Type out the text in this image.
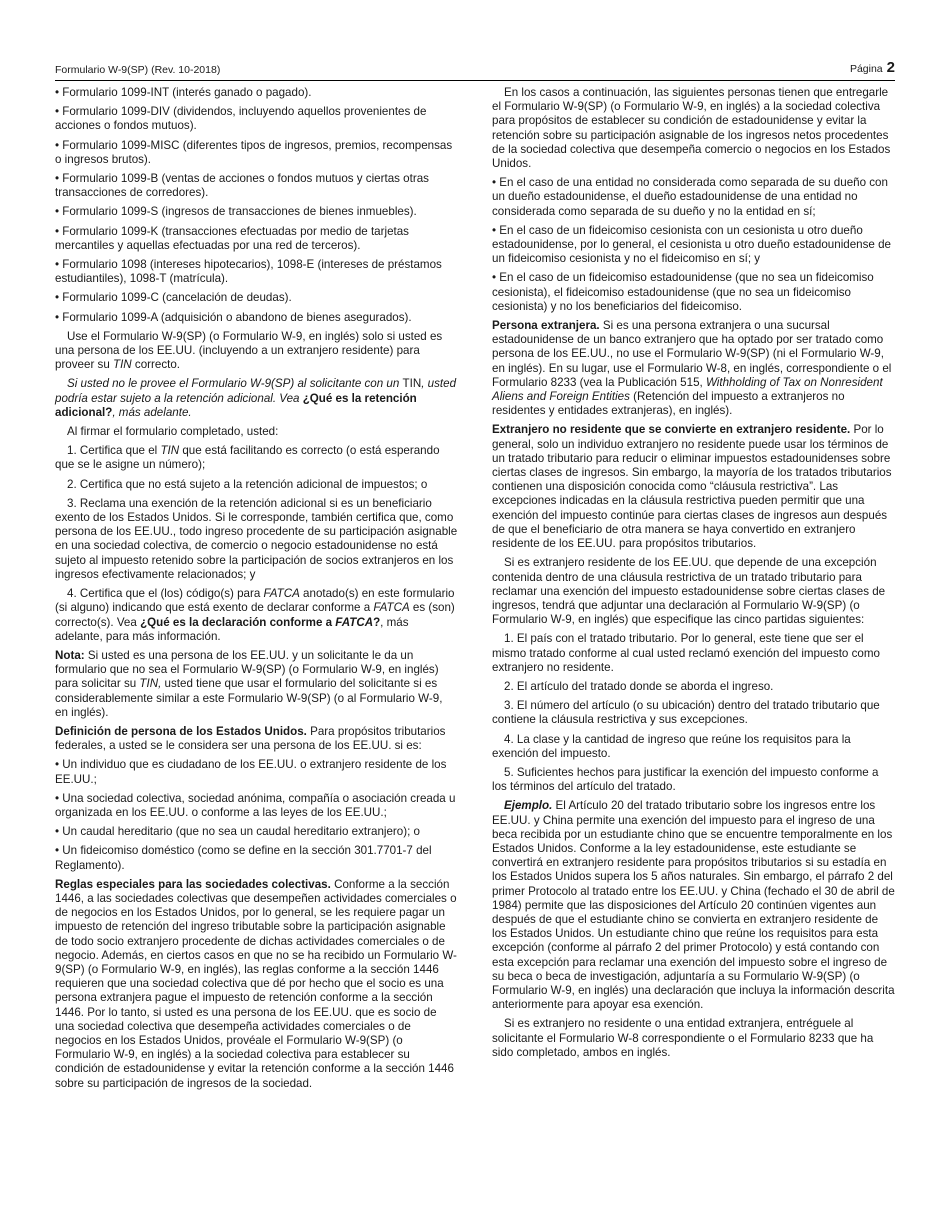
Formulario W-9(SP) (Rev. 10-2018)	Página 2

• Formulario 1099-INT (interés ganado o pagado).

• Formulario 1099-DIV (dividendos, incluyendo aquellos provenientes de acciones o fondos mutuos).

• Formulario 1099-MISC (diferentes tipos de ingresos, premios, recompensas o ingresos brutos).

• Formulario 1099-B (ventas de acciones o fondos mutuos y ciertas otras transacciones de corredores).

• Formulario 1099-S (ingresos de transacciones de bienes inmuebles).

• Formulario 1099-K (transacciones efectuadas por medio de tarjetas mercantiles y aquellas efectuadas por una red de terceros).

• Formulario 1098 (intereses hipotecarios), 1098-E (intereses de préstamos estudiantiles), 1098-T (matrícula).

• Formulario 1099-C (cancelación de deudas).

• Formulario 1099-A (adquisición o abandono de bienes asegurados).

Use el Formulario W-9(SP) (o Formulario W-9, en inglés) solo si usted es una persona de los EE.UU. (incluyendo a un extranjero residente) para proveer su TIN correcto.

Si usted no le provee el Formulario W-9(SP) al solicitante con un TIN, usted podría estar sujeto a la retención adicional. Vea ¿Qué es la retención adicional?, más adelante.

Al firmar el formulario completado, usted:

1. Certifica que el TIN que está facilitando es correcto (o está esperando que se le asigne un número);

2. Certifica que no está sujeto a la retención adicional de impuestos; o

3. Reclama una exención de la retención adicional si es un beneficiario exento de los Estados Unidos. Si le corresponde, también certifica que, como persona de los EE.UU., todo ingreso procedente de su participación asignable en una sociedad colectiva, de comercio o negocio estadounidense no está sujeto al impuesto retenido sobre la participación de socios extranjeros en los ingresos efectivamente relacionados; y

4. Certifica que el (los) código(s) para FATCA anotado(s) en este formulario (si alguno) indicando que está exento de declarar conforme a FATCA es (son) correcto(s). Vea ¿Qué es la declaración conforme a FATCA?, más adelante, para más información.

Nota: Si usted es una persona de los EE.UU. y un solicitante le da un formulario que no sea el Formulario W-9(SP) (o Formulario W-9, en inglés) para solicitar su TIN, usted tiene que usar el formulario del solicitante si es considerablemente similar a este Formulario W-9(SP) (o al Formulario W-9, en inglés).

Definición de persona de los Estados Unidos. Para propósitos tributarios federales, a usted se le considera ser una persona de los EE.UU. si es:

• Un individuo que es ciudadano de los EE.UU. o extranjero residente de los EE.UU.;

• Una sociedad colectiva, sociedad anónima, compañía o asociación creada u organizada en los EE.UU. o conforme a las leyes de los EE.UU.;

• Un caudal hereditario (que no sea un caudal hereditario extranjero); o

• Un fideicomiso doméstico (como se define en la sección 301.7701-7 del Reglamento).

Reglas especiales para las sociedades colectivas. Conforme a la sección 1446, a las sociedades colectivas que desempeñen actividades comerciales o de negocios en los Estados Unidos, por lo general, se les requiere pagar un impuesto de retención del ingreso tributable sobre la participación asignable de todo socio extranjero procedente de dichas actividades comerciales o de negocio. Además, en ciertos casos en que no se ha recibido un Formulario W-9(SP) (o Formulario W-9, en inglés), las reglas conforme a la sección 1446 requieren que una sociedad colectiva que dé por hecho que el socio es una persona extranjera pague el impuesto de retención conforme a la sección 1446. Por lo tanto, si usted es una persona de los EE.UU. que es socio de una sociedad colectiva que desempeña actividades comerciales o de negocios en los Estados Unidos, provéale el Formulario W-9(SP) (o Formulario W-9, en inglés) a la sociedad colectiva para establecer su condición de estadounidense y evitar la retención conforme a la sección 1446 sobre su participación de ingresos de la sociedad.

En los casos a continuación, las siguientes personas tienen que entregarle el Formulario W-9(SP) (o Formulario W-9, en inglés) a la sociedad colectiva para propósitos de establecer su condición de estadounidense y evitar la retención sobre su participación asignable de los ingresos netos procedentes de la sociedad colectiva que desempeña comercio o negocios en los Estados Unidos.

• En el caso de una entidad no considerada como separada de su dueño con un dueño estadounidense, el dueño estadounidense de una entidad no considerada como separada de su dueño y no la entidad en sí;

• En el caso de un fideicomiso cesionista con un cesionista u otro dueño estadounidense, por lo general, el cesionista u otro dueño estadounidense de un fideicomiso cesionista y no el fideicomiso en sí; y

• En el caso de un fideicomiso estadounidense (que no sea un fideicomiso cesionista), el fideicomiso estadounidense (que no sea un fideicomiso cesionista) y no los beneficiarios del fideicomiso.

Persona extranjera. Si es una persona extranjera o una sucursal estadounidense de un banco extranjero que ha optado por ser tratado como persona de los EE.UU., no use el Formulario W-9(SP) (ni el Formulario W-9, en inglés). En su lugar, use el Formulario W-8, en inglés, correspondiente o el Formulario 8233 (vea la Publicación 515, Withholding of Tax on Nonresident Aliens and Foreign Entities (Retención del impuesto a extranjeros no residentes y entidades extranjeras), en inglés).

Extranjero no residente que se convierte en extranjero residente. Por lo general, solo un individuo extranjero no residente puede usar los términos de un tratado tributario para reducir o eliminar impuestos estadounidenses sobre ciertas clases de ingresos. Sin embargo, la mayoría de los tratados tributarios contienen una disposición conocida como “cláusula restrictiva”. Las excepciones indicadas en la cláusula restrictiva pueden permitir que una exención del impuesto continúe para ciertas clases de ingresos aun después de que el beneficiario de otra manera se haya convertido en extranjero residente de los EE.UU. para propósitos tributarios.

Si es extranjero residente de los EE.UU. que depende de una excepción contenida dentro de una cláusula restrictiva de un tratado tributario para reclamar una exención del impuesto estadounidense sobre ciertas clases de ingresos, tendrá que adjuntar una declaración al Formulario W-9(SP) (o Formulario W-9, en inglés) que especifique las cinco partidas siguientes:

1. El país con el tratado tributario. Por lo general, este tiene que ser el mismo tratado conforme al cual usted reclamó exención del impuesto como extranjero no residente.

2. El artículo del tratado donde se aborda el ingreso.

3. El número del artículo (o su ubicación) dentro del tratado tributario que contiene la cláusula restrictiva y sus excepciones.

4. La clase y la cantidad de ingreso que reúne los requisitos para la exención del impuesto.

5. Suficientes hechos para justificar la exención del impuesto conforme a los términos del artículo del tratado.

Ejemplo. El Artículo 20 del tratado tributario sobre los ingresos entre los EE.UU. y China permite una exención del impuesto para el ingreso de una beca recibida por un estudiante chino que se encuentre temporalmente en los Estados Unidos. Conforme a la ley estadounidense, este estudiante se convertirá en extranjero residente para propósitos tributarios si su estadía en los Estados Unidos supera los 5 años naturales. Sin embargo, el párrafo 2 del primer Protocolo al tratado entre los EE.UU. y China (fechado el 30 de abril de 1984) permite que las disposiciones del Artículo 20 continúen vigentes aun después de que el estudiante chino se convierta en extranjero residente de los Estados Unidos. Un estudiante chino que reúne los requisitos para esta excepción (conforme al párrafo 2 del primer Protocolo) y está contando con esta excepción para reclamar una exención del impuesto sobre el ingreso de su beca o beca de investigación, adjuntaría a su Formulario W-9(SP) (o Formulario W-9, en inglés) una declaración que incluya la información descrita anteriormente para apoyar esa exención.

Si es extranjero no residente o una entidad extranjera, entréguele al solicitante el Formulario W-8 correspondiente o el Formulario 8233 que ha sido completado, ambos en inglés.
